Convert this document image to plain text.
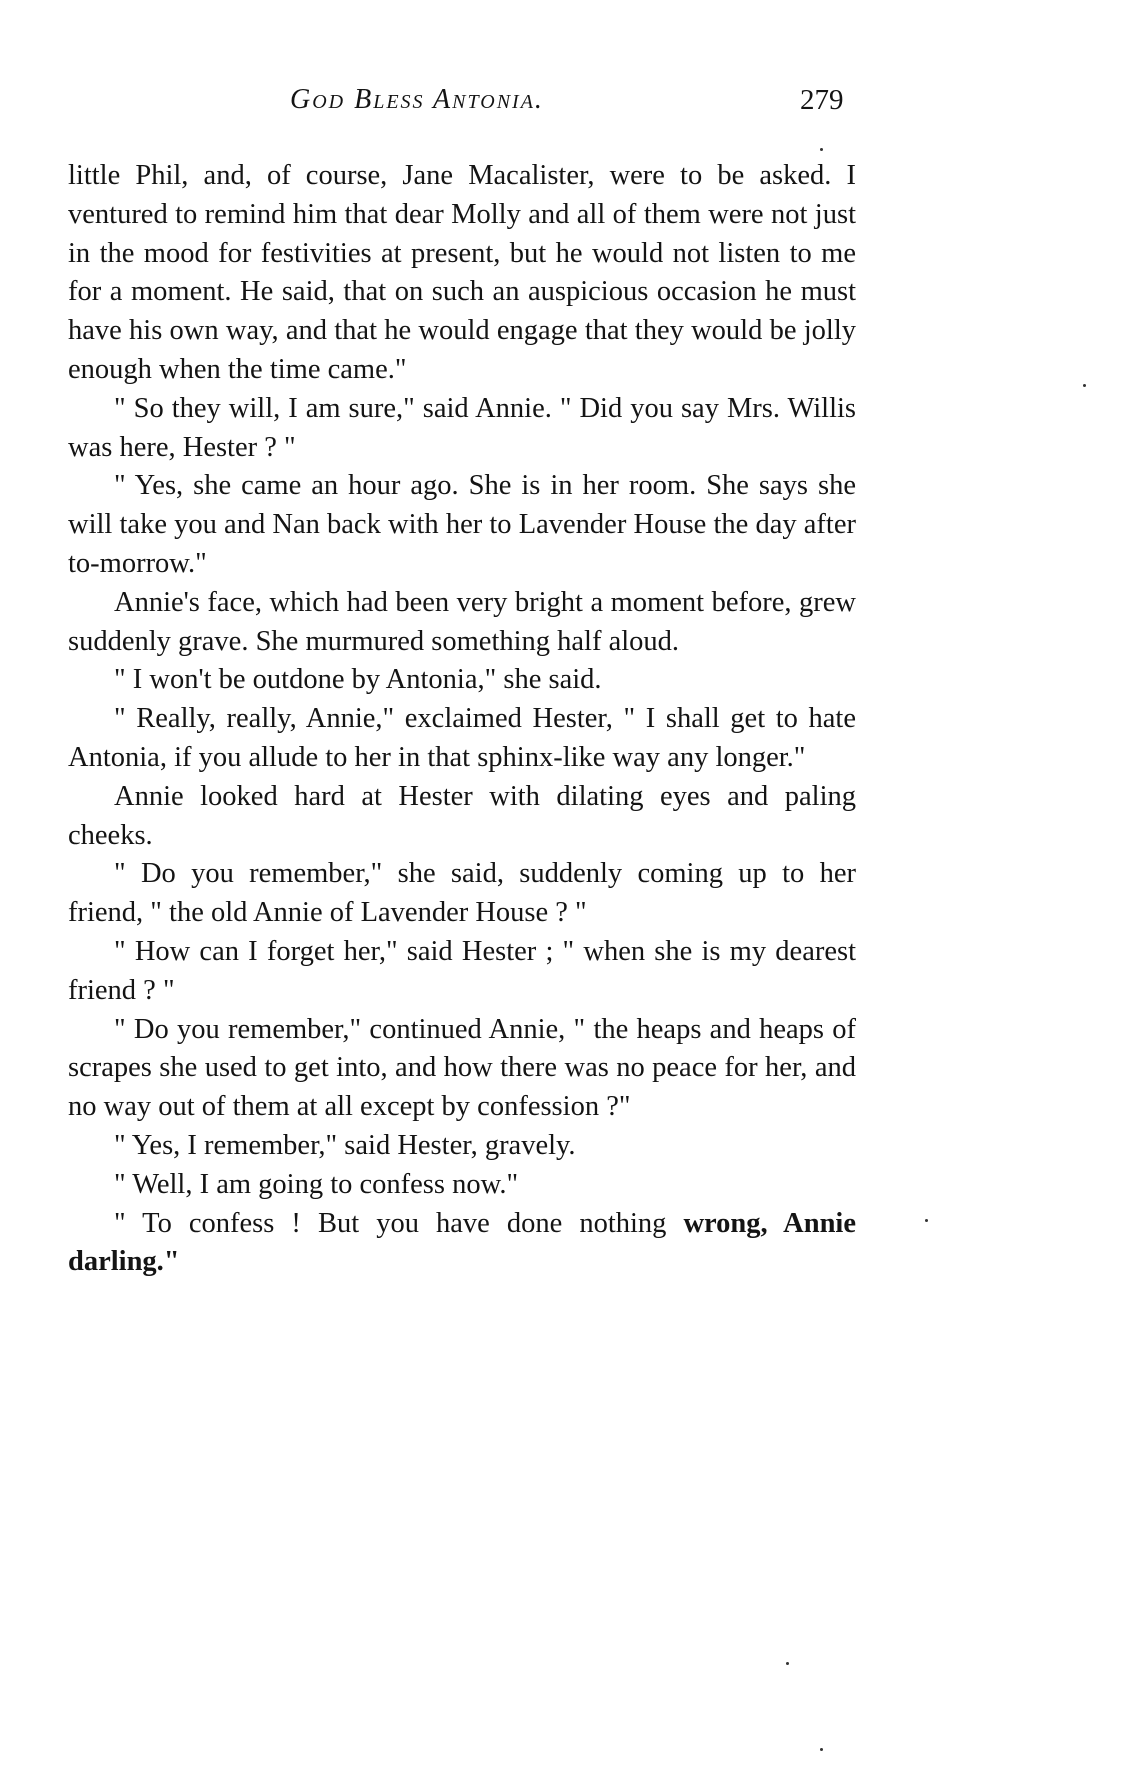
God Bless Antonia.	279

little Phil, and, of course, Jane Macalister, were to be asked. I ventured to remind him that dear Molly and all of them were not just in the mood for festivities at present, but he would not listen to me for a moment. He said, that on such an auspicious occasion he must have his own way, and that he would engage that they would be jolly enough when the time came."

" So they will, I am sure," said Annie. " Did you say Mrs. Willis was here, Hester ? "

" Yes, she came an hour ago. She is in her room. She says she will take you and Nan back with her to Lavender House the day after to-morrow."

Annie's face, which had been very bright a moment before, grew suddenly grave. She murmured something half aloud.

" I won't be outdone by Antonia," she said.

" Really, really, Annie," exclaimed Hester, " I shall get to hate Antonia, if you allude to her in that sphinx-like way any longer."

Annie looked hard at Hester with dilating eyes and paling cheeks.

" Do you remember," she said, suddenly coming up to her friend, " the old Annie of Lavender House ? "

" How can I forget her," said Hester ; " when she is my dearest friend ? "

" Do you remember," continued Annie, " the heaps and heaps of scrapes she used to get into, and how there was no peace for her, and no way out of them at all except by confession ?"

" Yes, I remember," said Hester, gravely.

" Well, I am going to confess now."

" To confess ! But you have done nothing wrong, Annie darling."
